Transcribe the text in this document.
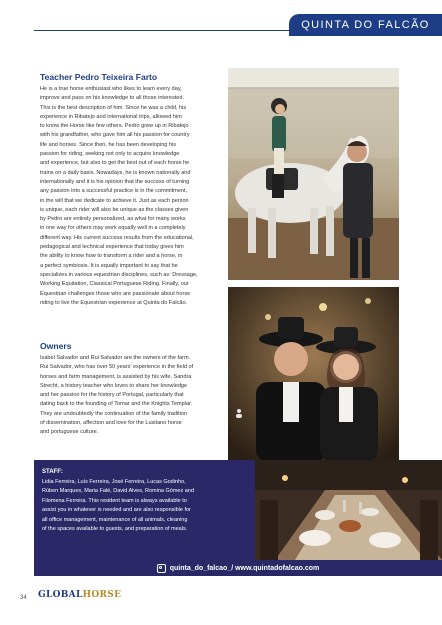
QUINTA DO FALCÃO
Teacher Pedro Teixeira Farto

He is a true horse enthusiast who likes to learn every day,
improve and pass on his knowledge to all those interested.
This is the best description of him. Since he was a child, his
experience in Ribatejo and international trips, allowed him
to know the Horse like few others. Pedro grew up in Ribatejo
with his grandfather, who gave him all his passion for country
life and horses. Since then, he has been developing his
passion for riding, seeking not only to acquire knowledge
and experience, but also to get the best out of each horse he
trains on a daily basis. Nowadays, he is known nationally and
internationally and it is his opinion that the success of turning
any passion into a successful practice is in the commitment,
in the will that we dedicate to achieve it. Just as each person
is unique, each rider will also be unique as the classes given
by Pedro are entirely personalized, as what for many works
in one way for others may work equally well in a completely
different way. His current success results from the educational,
pedagogical and technical experience that today gives him
the ability to know how to transform a rider and a horse, in
a perfect symbiosis. It is equally important to say that he
specializes in various equestrian disciplines, such as: Dressage,
Working Equitation, Classical Portuguese Riding. Finally, our
Equestrian challenges those who are passionate about horse
riding to live the Equestrian experience at Quinta do Falcão.

Owners

Isabel Salvador and Rui Salvador are the owners of the farm.
Rui Salvador, who has over 50 years' experience in the field of
horses and farm management, is assisted by his wife, Sandra
Strecht, a history teacher who loves to share her knowledge
and her passion for the history of Portugal, particularly that
dating back to the founding of Tomar and the Knights Templar.
They are undoubtedly the continuation of the family tradition
of dissemination, affection and love for the Lusitano horse
and portuguese culture.

STAFF:
Lidia Ferreira, Luís Ferreira, José Ferreira, Lucas Godinho,
Rúben Marques, Maria Falé, David Alves, Romina Gómez and
Filomena Ferreira. This resident team is always available to
assist you in whatever is needed and are also responsible for
all office management, maintenance of all animals, cleaning
of the spaces available to guests, and preparation of meals.
quinta_do_falcao_/ www.quintadofalcao.com
34 GLOBALHORSE
